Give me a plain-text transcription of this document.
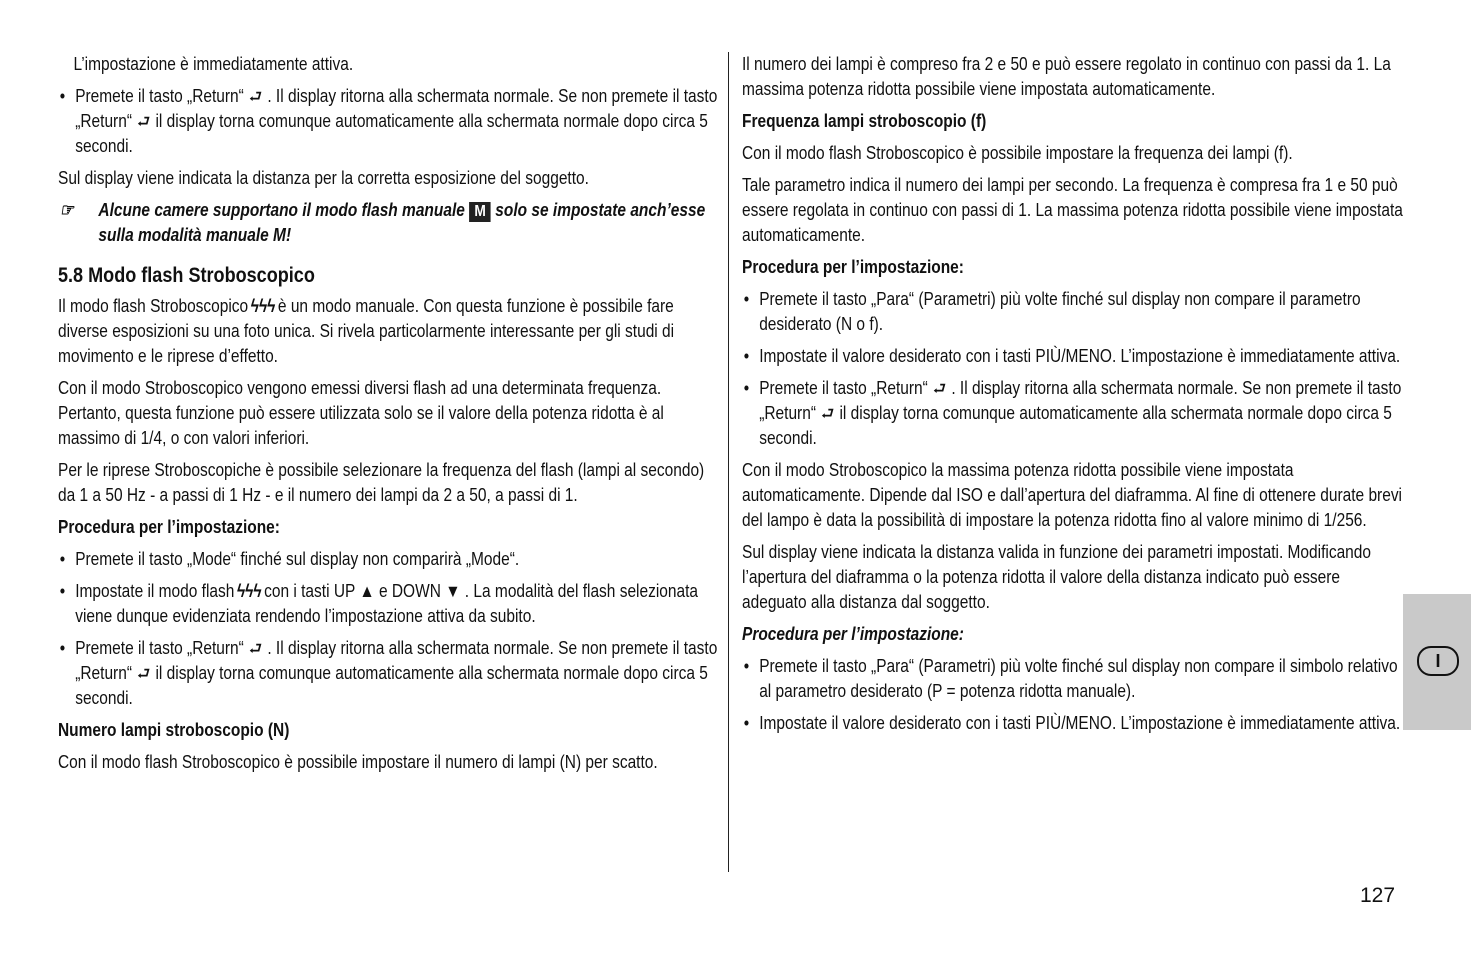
L’impostazione è immediatamente attiva.

• Premete il tasto „Return“ ⮐ . Il display ritorna alla schermata normale. Se non premete il tasto „Return“ ⮐ il display torna comunque automaticamente alla schermata normale dopo circa 5 secondi.

Sul display viene indicata la distanza per la corretta esposizione del soggetto.

☞ Alcune camere supportano il modo flash manuale M solo se impostate anch’esse sulla modalità manuale M!
5.8 Modo flash Stroboscopico

Il modo flash Stroboscopico ϟϟϟ è un modo manuale. Con questa funzione è possibile fare diverse esposizioni su una foto unica. Si rivela particolarmente interessante per gli studi di movimento e le riprese d’effetto.

Con il modo Stroboscopico vengono emessi diversi flash ad una determinata frequenza. Pertanto, questa funzione può essere utilizzata solo se il valore della potenza ridotta è al massimo di 1/4, o con valori inferiori.

Per le riprese Stroboscopiche è possibile selezionare la frequenza del flash (lampi al secondo) da 1 a 50 Hz - a passi di 1 Hz - e il numero dei lampi da 2 a 50, a passi di 1.

Procedura per l’impostazione:
• Premete il tasto „Mode“ finché sul display non comparirà „Mode“.
• Impostate il modo flash ϟϟϟ con i tasti UP ▲ e DOWN ▼ . La modalità del flash selezionata viene dunque evidenziata rendendo l’impostazione attiva da subito.
• Premete il tasto „Return“ ⮐ . Il display ritorna alla schermata normale. Se non premete il tasto „Return“ ⮐ il display torna comunque automaticamente alla schermata normale dopo circa 5 secondi.
Numero lampi stroboscopio (N)

Con il modo flash Stroboscopico è possibile impostare il numero di lampi (N) per scatto.

Il numero dei lampi è compreso fra 2 e 50 e può essere regolato in continuo con passi da 1. La massima potenza ridotta possibile viene impostata automaticamente.

Frequenza lampi stroboscopio (f)

Con il modo flash Stroboscopico è possibile impostare la frequenza dei lampi (f).

Tale parametro indica il numero dei lampi per secondo. La frequenza è compresa fra 1 e 50 può essere regolata in continuo con passi di 1. La massima potenza ridotta possibile viene impostata automaticamente.

Procedura per l’impostazione:
• Premete il tasto „Para“ (Parametri) più volte finché sul display non compare il parametro desiderato (N o f).
• Impostate il valore desiderato con i tasti PIÙ/MENO. L’impostazione è immediatamente attiva.
• Premete il tasto „Return“ ⮐ . Il display ritorna alla schermata normale. Se non premete il tasto „Return“ ⮐ il display torna comunque automaticamente alla schermata normale dopo circa 5 secondi.

Con il modo Stroboscopico la massima potenza ridotta possibile viene impostata automaticamente. Dipende dal ISO e dall’apertura del diaframma. Al fine di ottenere durate brevi del lampo è data la possibilità di impostare la potenza ridotta fino al valore minimo di 1/256.

Sul display viene indicata la distanza valida in funzione dei parametri impostati. Modificando l’apertura del diaframma o la potenza ridotta il valore della distanza indicato può essere adeguato alla distanza dal soggetto.

Procedura per l’impostazione:
• Premete il tasto „Para“ (Parametri) più volte finché sul display non compare il simbolo relativo al parametro desiderato (P = potenza ridotta manuale).
• Impostate il valore desiderato con i tasti PIÙ/MENO. L’impostazione è immediatamente attiva.
I
127
